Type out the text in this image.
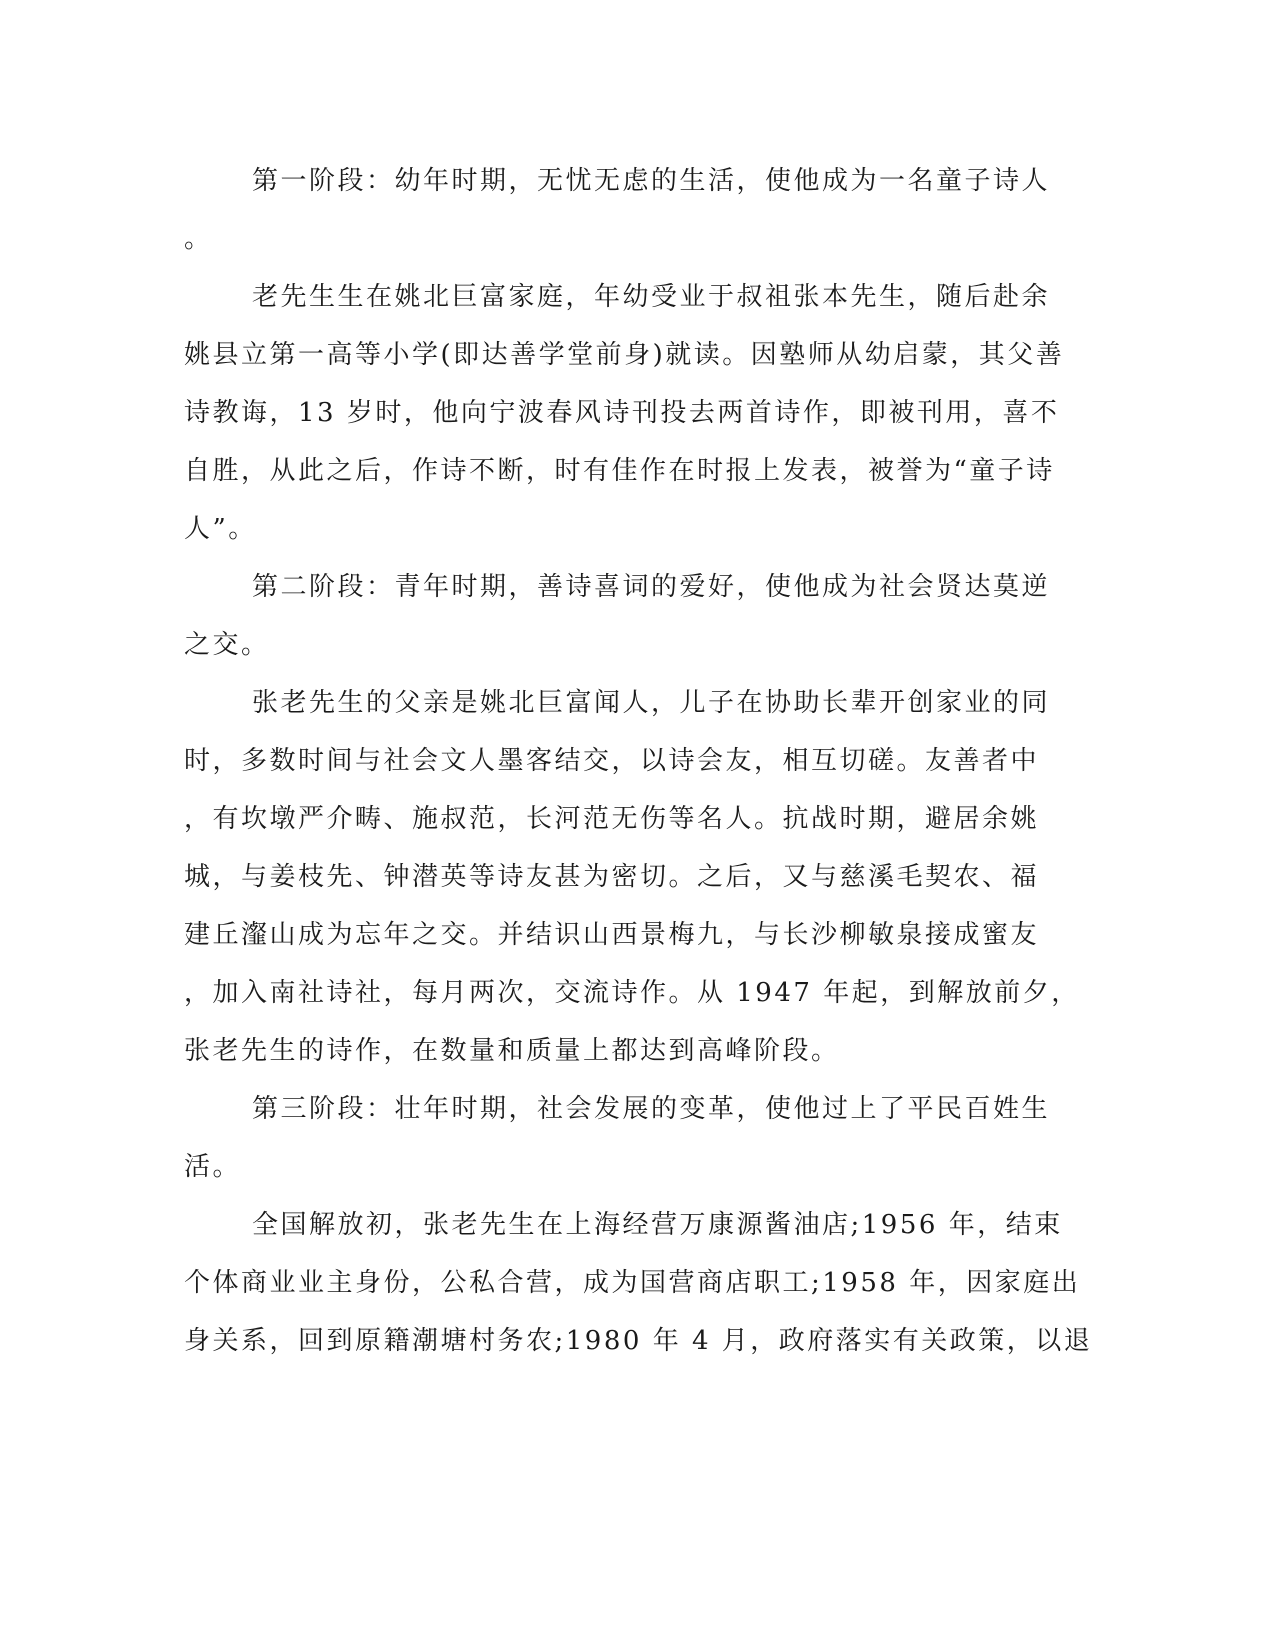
第一阶段：幼年时期，无忧无虑的生活，使他成为一名童子诗人
。
老先生生在姚北巨富家庭，年幼受业于叔祖张本先生，随后赴余
姚县立第一高等小学(即达善学堂前身)就读。因塾师从幼启蒙，其父善
诗教诲，13 岁时，他向宁波春风诗刊投去两首诗作，即被刊用，喜不
自胜，从此之后，作诗不断，时有佳作在时报上发表，被誉为“童子诗
人”。
第二阶段：青年时期，善诗喜词的爱好，使他成为社会贤达莫逆
之交。
张老先生的父亲是姚北巨富闻人，儿子在协助长辈开创家业的同
时，多数时间与社会文人墨客结交，以诗会友，相互切磋。友善者中
，有坎墩严介畴、施叔范，长河范无伤等名人。抗战时期，避居余姚
城，与姜枝先、钟潜英等诗友甚为密切。之后，又与慈溪毛契农、福
建丘瀣山成为忘年之交。并结识山西景梅九，与长沙柳敏泉接成蜜友
，加入南社诗社，每月两次，交流诗作。从 1947 年起，到解放前夕，
张老先生的诗作，在数量和质量上都达到高峰阶段。
第三阶段：壮年时期，社会发展的变革，使他过上了平民百姓生
活。
全国解放初，张老先生在上海经营万康源酱油店;1956 年，结束
个体商业业主身份，公私合营，成为国营商店职工;1958 年，因家庭出
身关系，回到原籍潮塘村务农;1980 年 4 月，政府落实有关政策，以退
